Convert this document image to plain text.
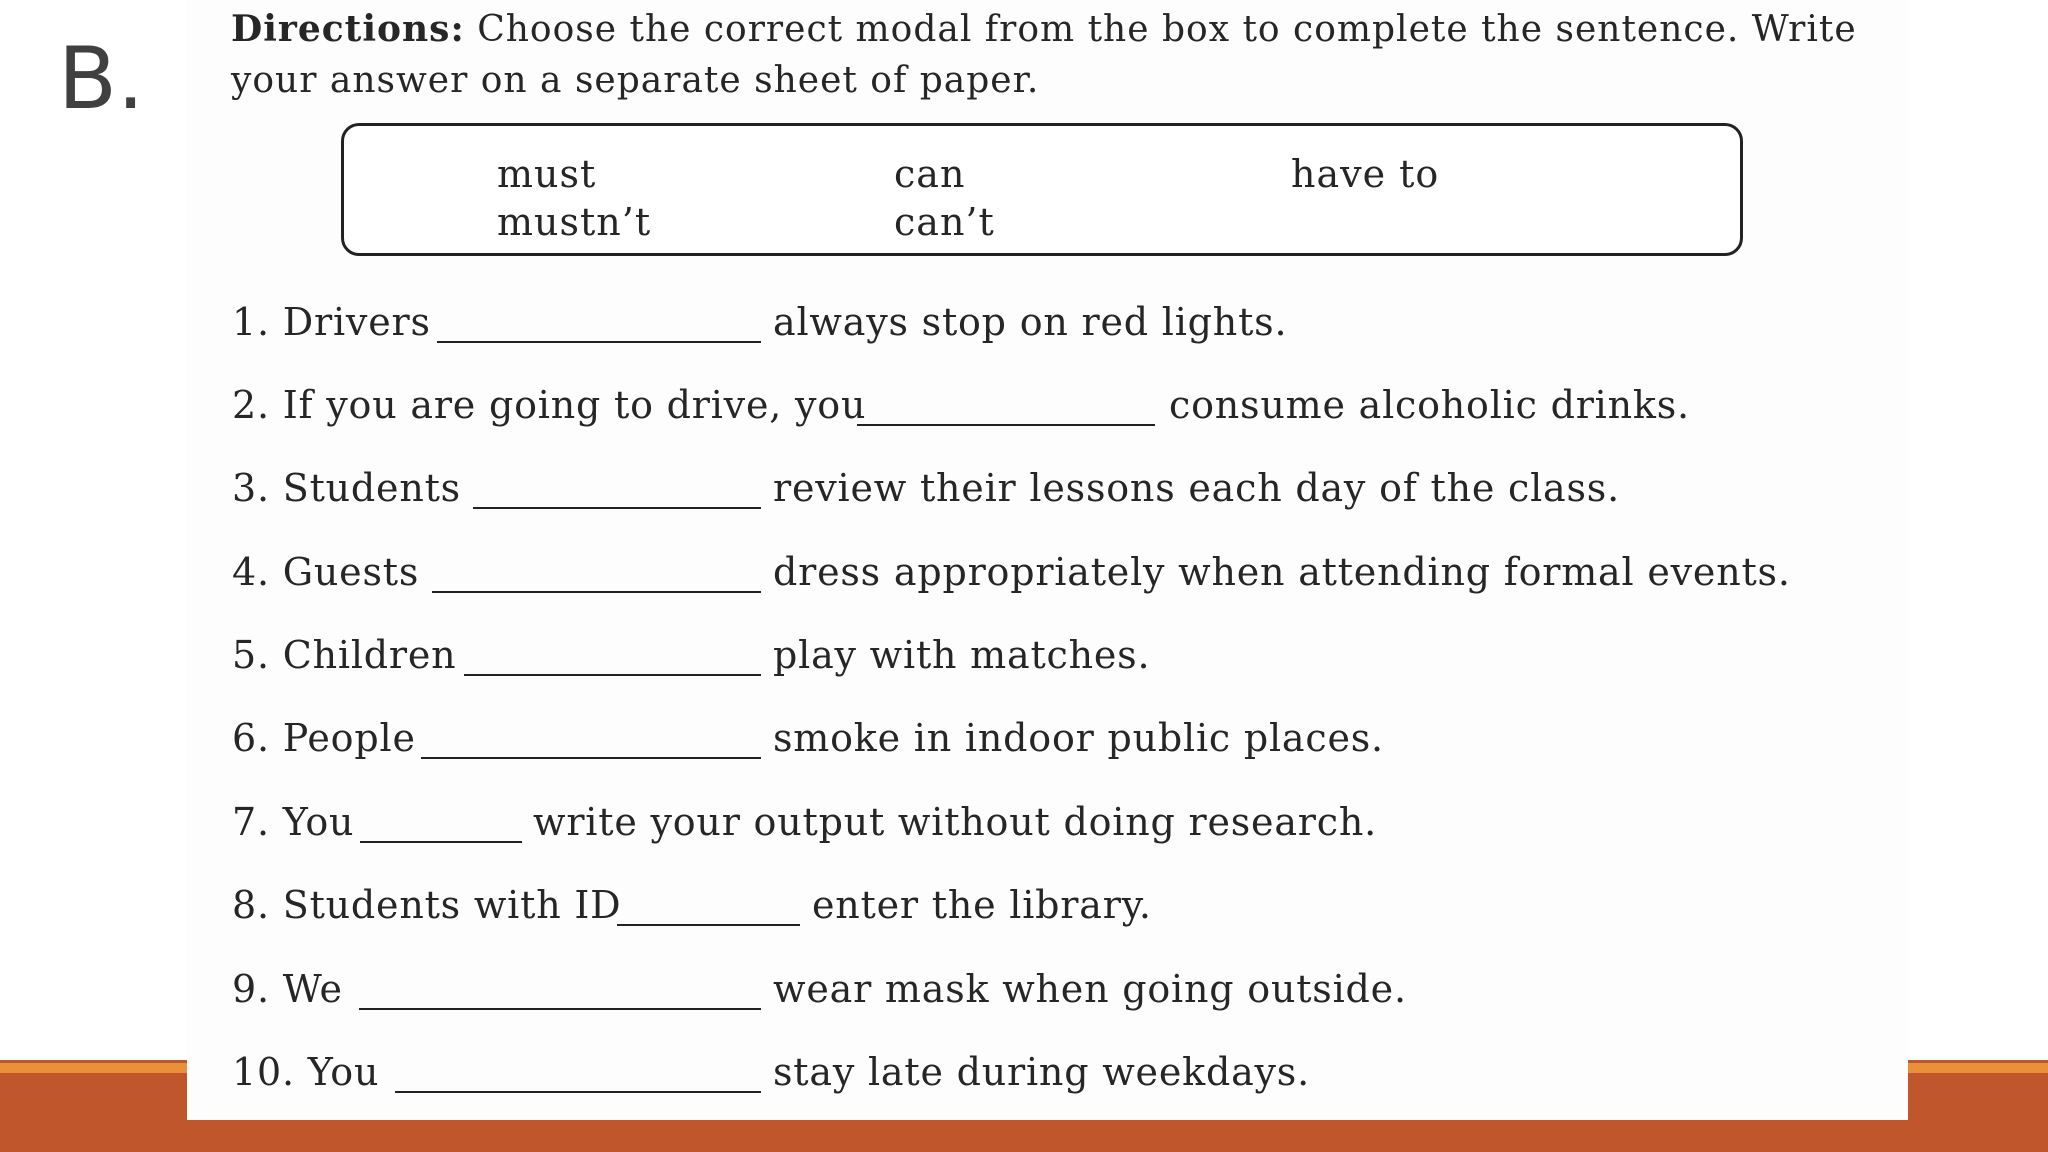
B. Directions: Choose the correct modal from the box to complete the sentence. Write your answer on a separate sheet of paper.
must	can	have to
mustn’t	can’t
1. Drivers	always stop on red lights.
2. If you are going to drive, you	consume alcoholic drinks.
3. Students	review their lessons each day of the class.
4. Guests	dress appropriately when attending formal events.
5. Children	play with matches.
6. People	smoke in indoor public places.
7. You	write your output without doing research.
8. Students with ID	enter the library.
9. We	wear mask when going outside.
10. You	stay late during weekdays.
